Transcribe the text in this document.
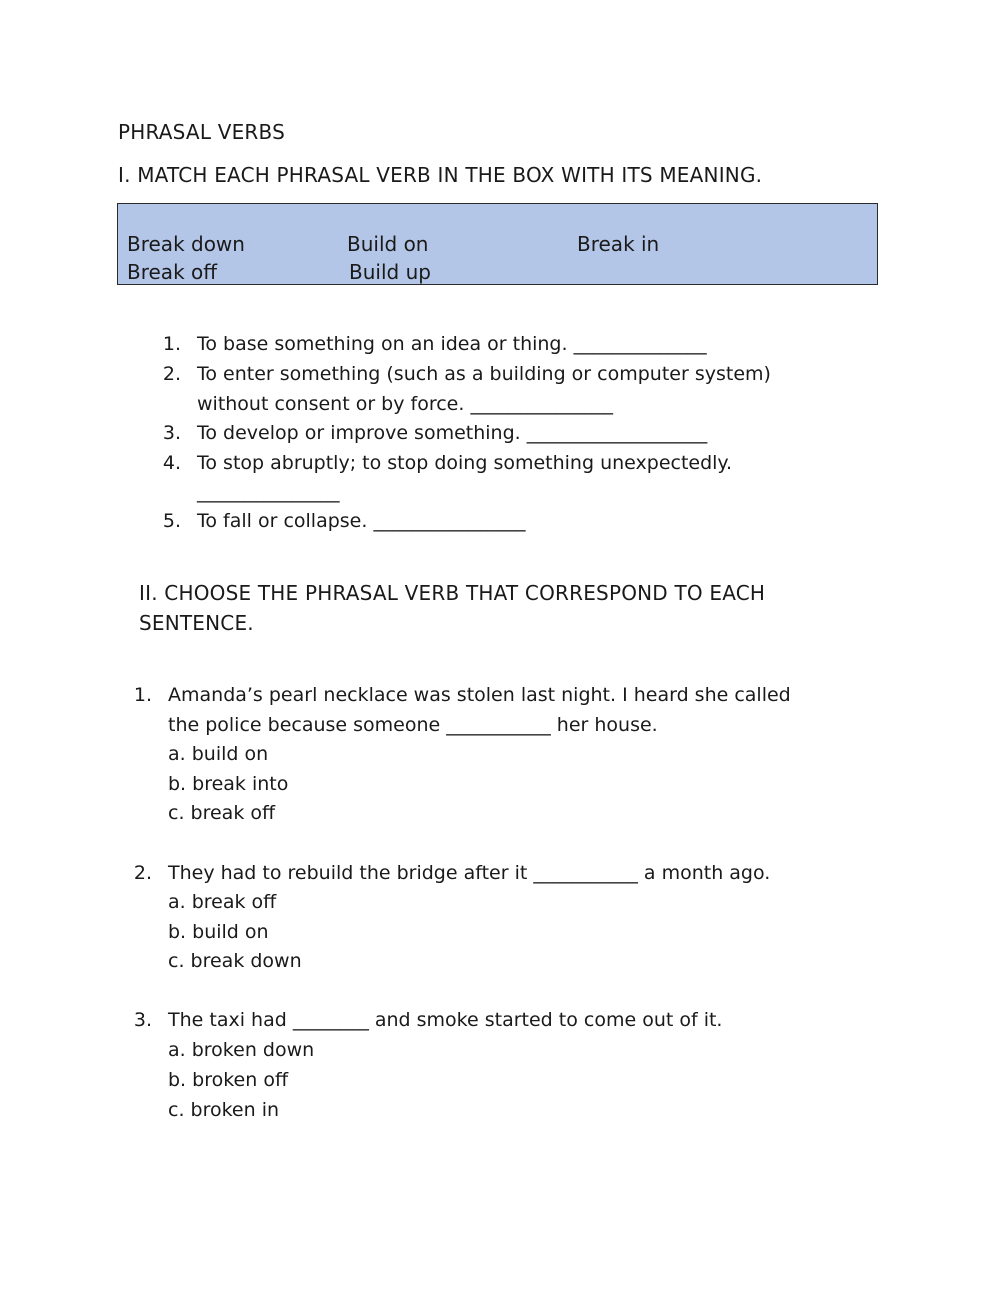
PHRASAL VERBS
I. MATCH EACH PHRASAL VERB IN THE BOX WITH ITS MEANING.
Break down	Build on	Break in
Break off	Build up
1. To base something on an idea or thing. ______________
2. To enter something (such as a building or computer system)
without consent or by force. _______________
3. To develop or improve something. ___________________
4. To stop abruptly; to stop doing something unexpectedly.
_______________
5. To fall or collapse. ________________
II. CHOOSE THE PHRASAL VERB THAT CORRESPOND TO EACH
SENTENCE.
1. Amanda’s pearl necklace was stolen last night. I heard she called
the police because someone ___________ her house.
a. build on
b. break into
c. break off
2. They had to rebuild the bridge after it ___________ a month ago.
a. break off
b. build on
c. break down
3. The taxi had ________ and smoke started to come out of it.
a. broken down
b. broken off
c. broken in
